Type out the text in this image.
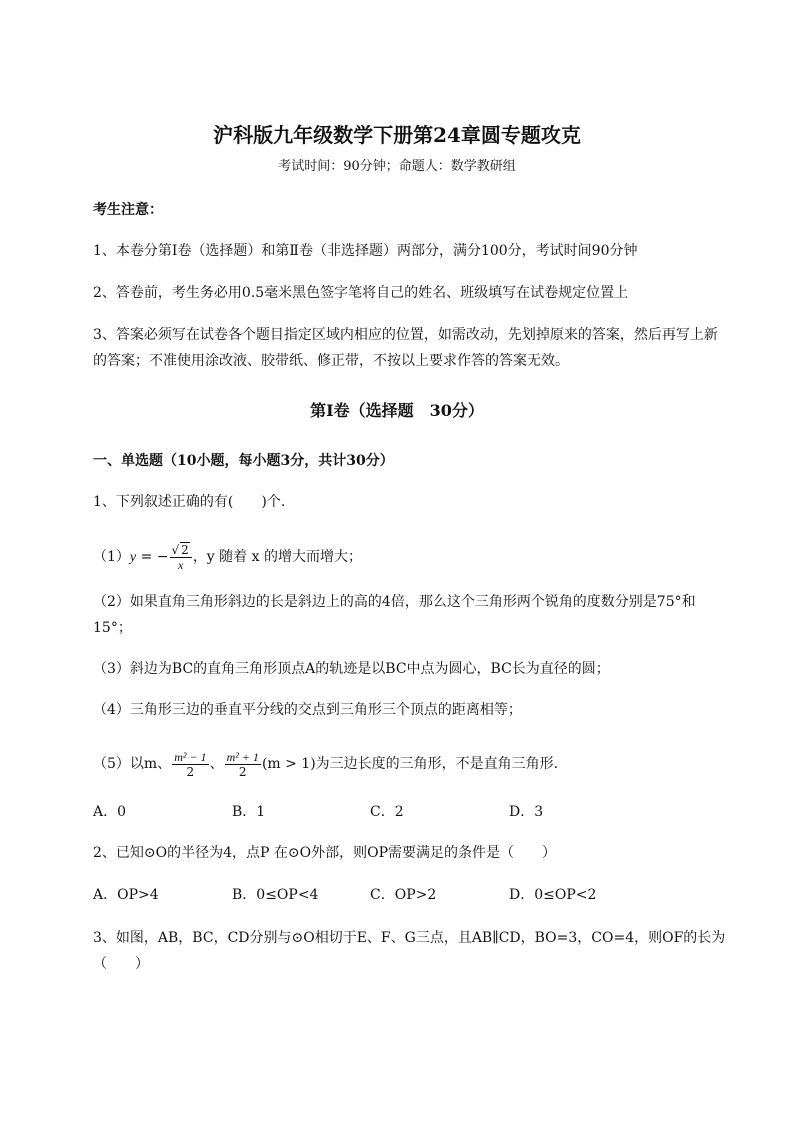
沪科版九年级数学下册第24章圆专题攻克
考试时间：90分钟；命题人：数学教研组
考生注意：
1、本卷分第I卷（选择题）和第Ⅱ卷（非选择题）两部分，满分100分，考试时间90分钟
2、答卷前，考生务必用0.5毫米黑色签字笔将自己的姓名、班级填写在试卷规定位置上
3、答案必须写在试卷各个题目指定区域内相应的位置，如需改动，先划掉原来的答案，然后再写上新
的答案；不准使用涂改液、胶带纸、修正带，不按以上要求作答的答案无效。
第I卷（选择题　30分）
一、单选题（10小题，每小题3分，共计30分）
1、下列叙述正确的有(　　)个.
（1）y = − $\frac{√ 2}{x}$ ，y 随着 x 的增大而增大；
（2）如果直角三角形斜边的长是斜边上的高的4倍，那么这个三角形两个锐角的度数分别是75°和
15°；
（3）斜边为BC的直角三角形顶点A的轨迹是以BC中点为圆心，BC长为直径的圆；
（4）三角形三边的垂直平分线的交点到三角形三个顶点的距离相等；
（5）以m、 $\frac{\text{m² − 1}}{2}$ 、 $\frac{\text{m² + 1}}{2} (m > 1)$为三边长度的三角形，不是直角三角形.
A．0	B．1	C．2	D．3
2、已知⊙O的半径为4，点P 在⊙O外部，则OP需要满足的条件是（　　）
A．OP>4	B．0≤OP<4	C．OP>2	D．0≤OP<2
3、如图，AB，BC，CD分别与⊙O相切于E、F、G三点，且AB∥CD，BO=3，CO=4，则OF的长为
（　　）
